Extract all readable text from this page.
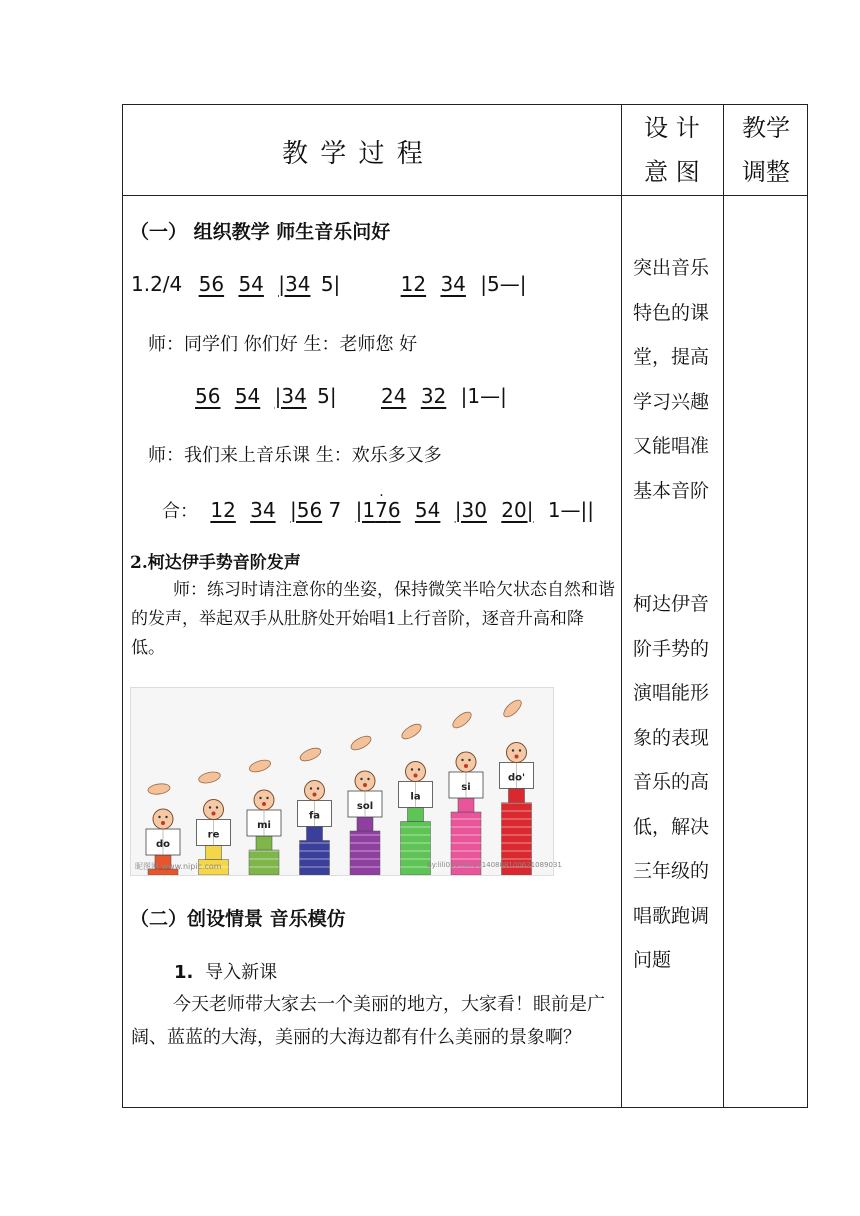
教 学 过 程
设 计
意 图
教学
调整
（一） 组织教学 师生音乐问好
1.2/4 56 54 |34 5|	12 34 |5—|
师：同学们 你们好 生：老师您 好
56 54 |34 5| 24 32 |1—|
师：我们来上音乐课 生：欢乐多又多
合： 12 34 |56 7 |17 .6 54 |30 20| 1—||
2.柯达伊手势音阶发声
师：练习时请注意你的坐姿，保持微笑半哈欠状态自然和谐的发声，举起双手从肚脐处开始唱1上行音阶，逐音升高和降低。
do
re
mi
fa
sol
la
si
do'
昵图网 www.nipic.com	By:lili028 No.20140808100621089031
（二）创设情景 音乐模仿
1. 导入新课
今天老师带大家去一个美丽的地方，大家看！眼前是广阔、蓝蓝的大海，美丽的大海边都有什么美丽的景象啊？
突出音乐特色的课堂，提高学习兴趣又能唱准基本音阶
柯达伊音阶手势的演唱能形象的表现音乐的高低，解决三年级的唱歌跑调问题
